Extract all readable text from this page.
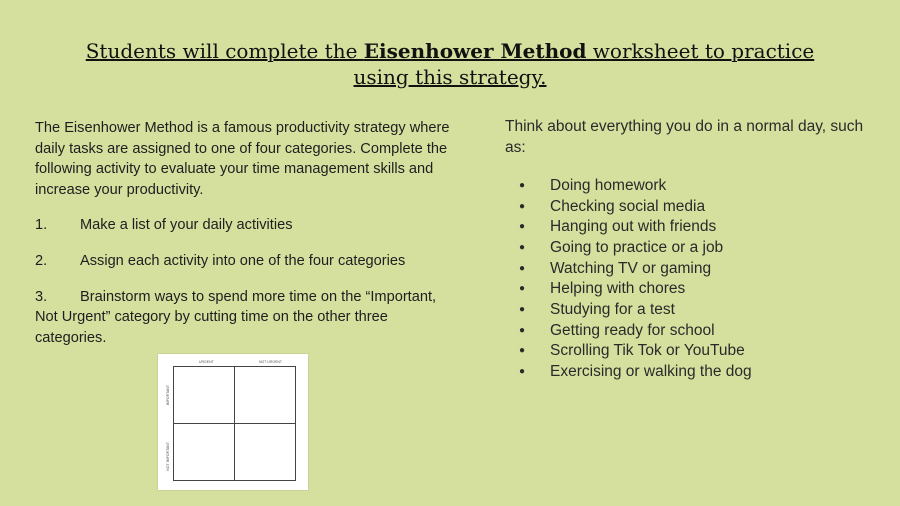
Students will complete the Eisenhower Method worksheet to practice using this strategy.

The Eisenhower Method is a famous productivity strategy where daily tasks are assigned to one of four categories. Complete the following activity to evaluate your time management skills and increase your productivity.

1.	Make a list of your daily activities
2.	Assign each activity into one of the four categories
3. Brainstorm ways to spend more time on the “Important, Not Urgent” category by cutting time on the other three categories.

Think about everything you do in a normal day, such as:

●	Doing homework
●	Checking social media
●	Hanging out with friends
●	Going to practice or a job
●	Watching TV or gaming
●	Helping with chores
●	Studying for a test
●	Getting ready for school
●	Scrolling Tik Tok or YouTube
●	Exercising or walking the dog
URGENT	NOT URGENT
IMPORTANT
NOT IMPORTANT
